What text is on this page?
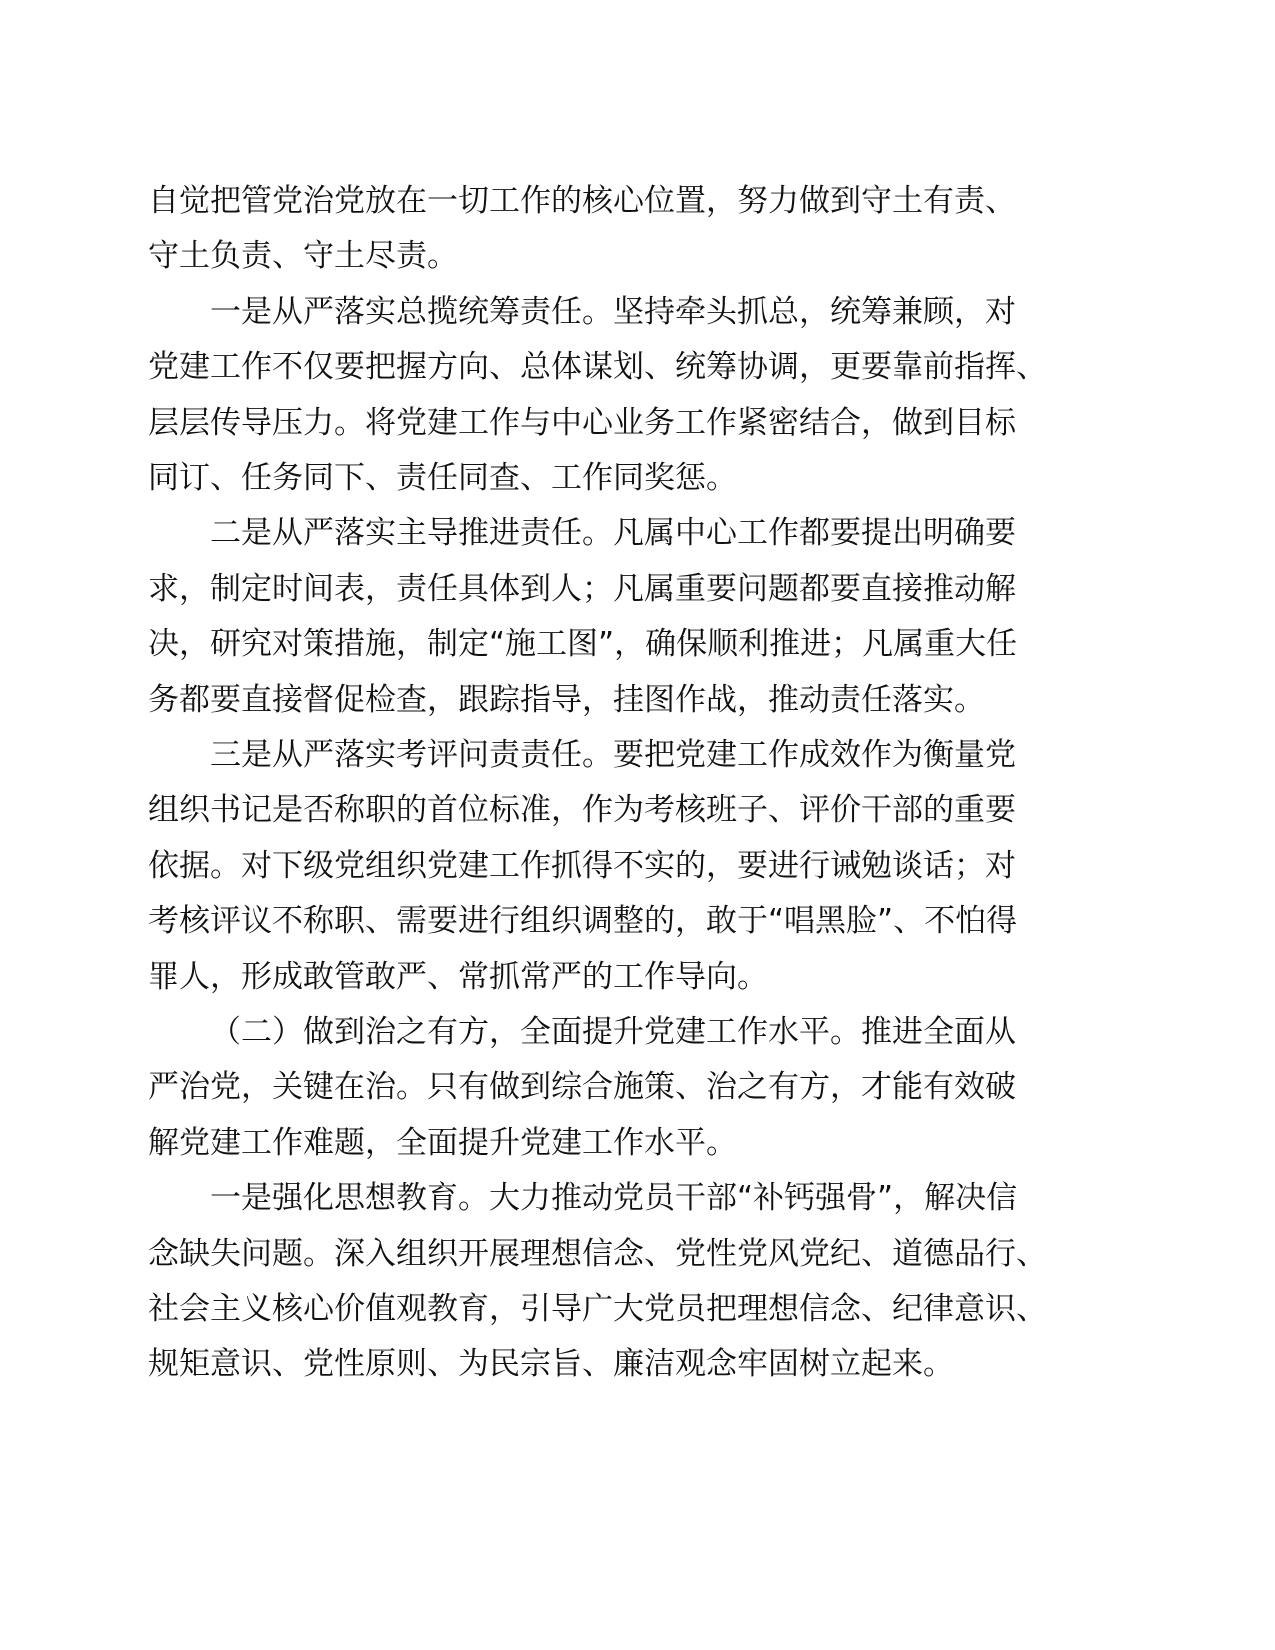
自觉把管党治党放在一切工作的核心位置，努力做到守土有责、
守土负责、守土尽责。
一是从严落实总揽统筹责任。坚持牵头抓总，统筹兼顾，对
党建工作不仅要把握方向、总体谋划、统筹协调，更要靠前指挥、
层层传导压力。将党建工作与中心业务工作紧密结合，做到目标
同订、任务同下、责任同查、工作同奖惩。
二是从严落实主导推进责任。凡属中心工作都要提出明确要
求，制定时间表，责任具体到人；凡属重要问题都要直接推动解
决，研究对策措施，制定“施工图”，确保顺利推进；凡属重大任
务都要直接督促检查，跟踪指导，挂图作战，推动责任落实。
三是从严落实考评问责责任。要把党建工作成效作为衡量党
组织书记是否称职的首位标准，作为考核班子、评价干部的重要
依据。对下级党组织党建工作抓得不实的，要进行诫勉谈话；对
考核评议不称职、需要进行组织调整的，敢于“唱黑脸”、不怕得
罪人，形成敢管敢严、常抓常严的工作导向。
（二）做到治之有方，全面提升党建工作水平。推进全面从
严治党，关键在治。只有做到综合施策、治之有方，才能有效破
解党建工作难题，全面提升党建工作水平。
一是强化思想教育。大力推动党员干部“补钙强骨”，解决信
念缺失问题。深入组织开展理想信念、党性党风党纪、道德品行、
社会主义核心价值观教育，引导广大党员把理想信念、纪律意识、
规矩意识、党性原则、为民宗旨、廉洁观念牢固树立起来。
